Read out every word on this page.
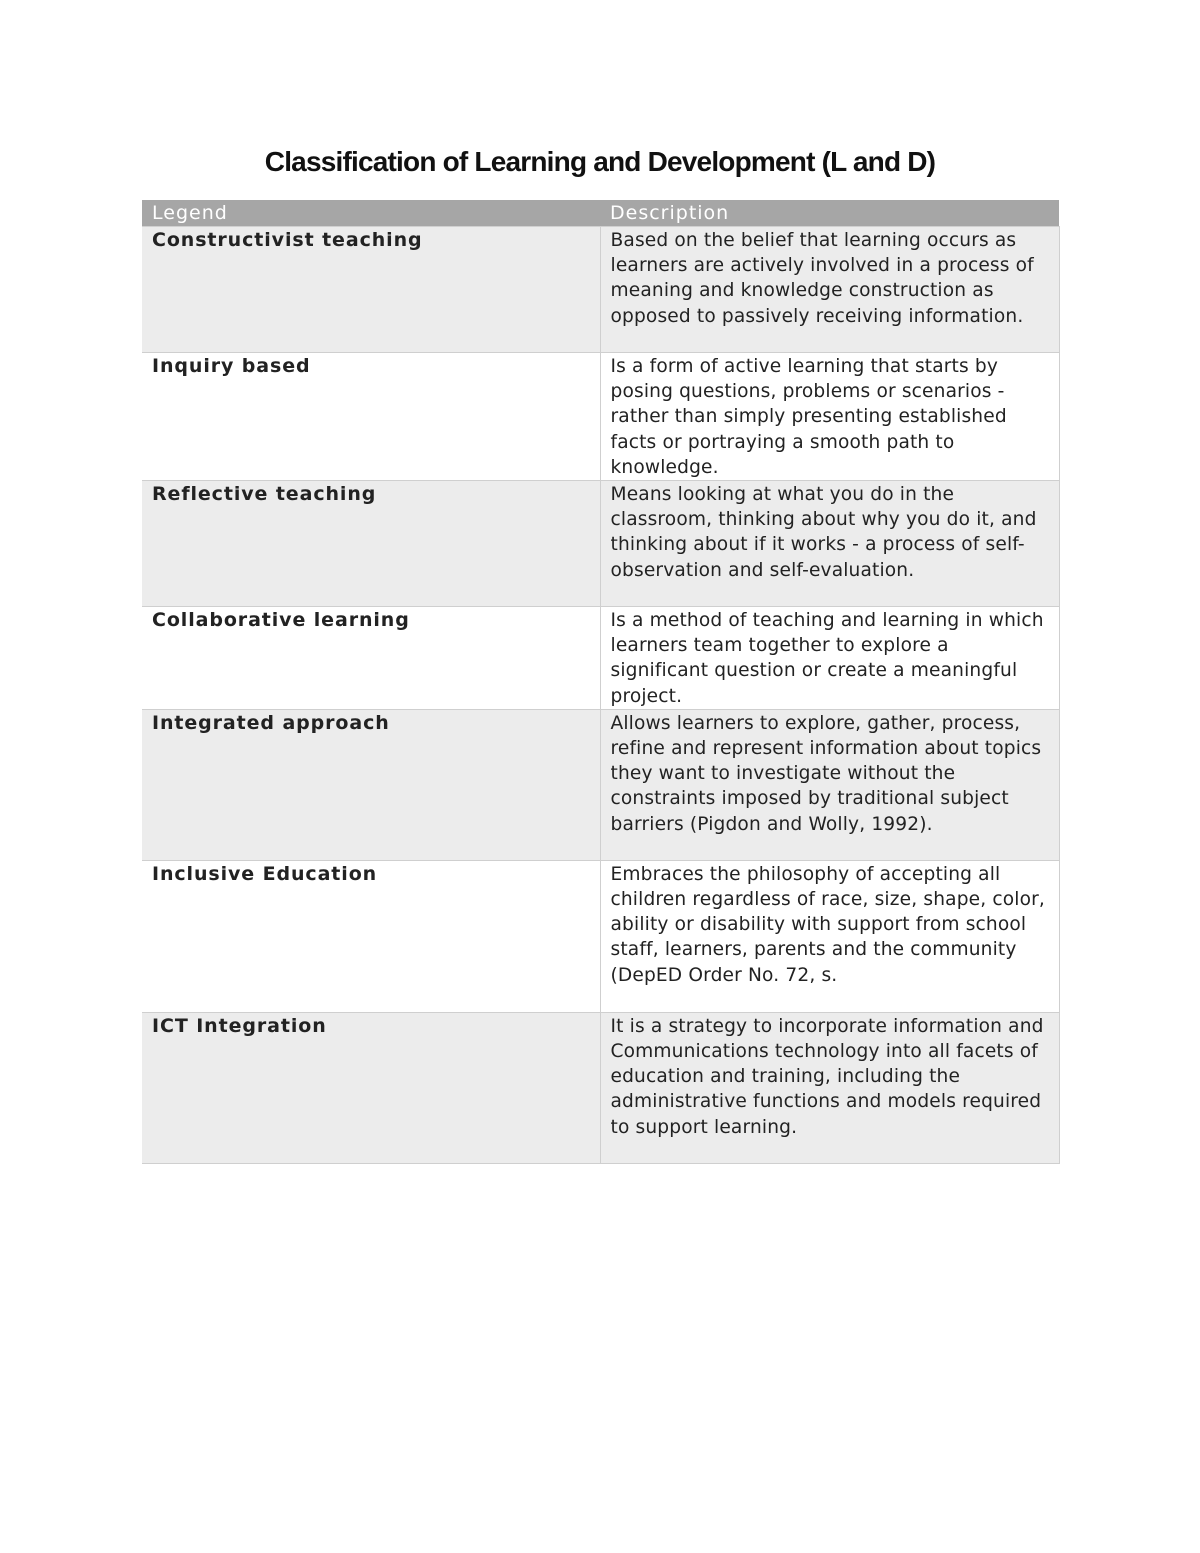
Classification of Learning and Development (L and D)
Legend	Description
Constructivist teaching	Based on the belief that learning occurs as learners are actively involved in a process of meaning and knowledge construction as opposed to passively receiving information.
Inquiry based	Is a form of active learning that starts by posing questions, problems or scenarios - rather than simply presenting established facts or portraying a smooth path to knowledge.
Reflective teaching	Means looking at what you do in the classroom, thinking about why you do it, and thinking about if it works - a process of self-observation and self-evaluation.
Collaborative learning	Is a method of teaching and learning in which learners team together to explore a significant question or create a meaningful project.
Integrated approach	Allows learners to explore, gather, process, refine and represent information about topics they want to investigate without the constraints imposed by traditional subject barriers (Pigdon and Wolly, 1992).
Inclusive Education	Embraces the philosophy of accepting all children regardless of race, size, shape, color, ability or disability with support from school staff, learners, parents and the community (DepED Order No. 72, s.
ICT Integration	It is a strategy to incorporate information and Communications technology into all facets of education and training, including the administrative functions and models required to support learning.
